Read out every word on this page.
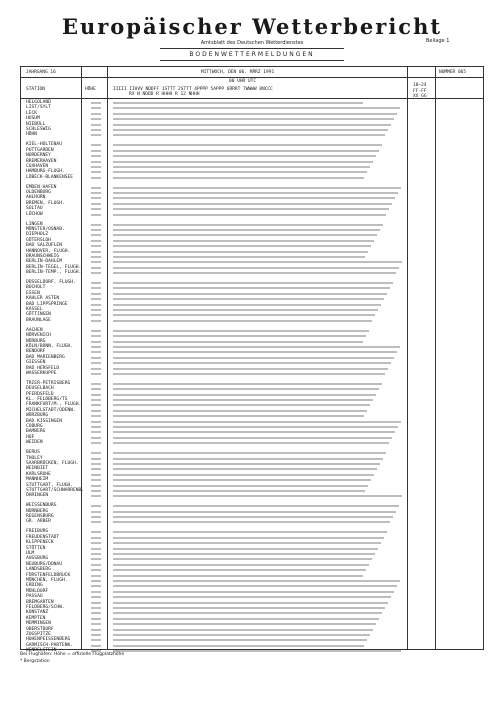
Europäischer Wetterbericht
Amtsblatt des Deutschen Wetterdienstes	Beilage 1
BODENWETTERMELDUNGEN
JAHRGANG 16	MITTWOCH, DEN 06. MÄRZ 1991	NUMMER 065
00 UHR UTC
18–24
STATION	HÖHE	IIIII IIHVV NDDFF 1STTT 2STTT 4PPPP 5APPP 6RRRT 7WWWW 8NCCC
RX N NDDD R HHHH R 12 NHHH
FF-FF
XX GG
HELGOLAND
LIST/SYLT
LECK
HUSUM
NIEBÜLL
SCHLESWIG
HÖHN
KIEL-HOLTENAU
PUTTGARDEN
NORDERNEY
BREMERHAVEN
CUXHAVEN
HAMBURG-FLUGH.
LÜBECK-BLANKENSEE
EMDEN-HAFEN
OLDENBURG
AHLHORN
BREMEN, FLUGH.
SOLTAU
LÜCHOW
LINGEN
MÜNSTER/OSNAB.
DIEPHOLZ
GÜTERSLOH
BAD SALZUFLEN
HANNOVER, FLUGH.
BRAUNSCHWEIG
BERLIN-DAHLEM
BERLIN-TEGEL, FLUGH.
BERLIN-TEMP., FLUGH.
DÜSSELDORF, FLUGH.
BOCHOLT
ESSEN
KAHLER ASTEN
BAD LIPPSPRINGE
KASSEL
GÖTTINGEN
BRAUNLAGE
AACHEN
NÖRVENICH
NÜRBURG
KÖLN/BONN, FLUGH.
BENDORF
BAD MARIENBERG
GIESSEN
BAD HERSFELD
WASSERKUPPE
TRIER-PETRISBERG
DEUSELBACH
PFERDSFELD
KL. FELDBERG/TS
FRANKFURT/M., FLUGH.
MICHELSTADT/ODENW.
WÜRZBURG
BAD KISSINGEN
COBURG
BAMBERG
HOF
WEIDEN
BERUS
THOLEY
SAARBRÜCKEN, FLUGH.
WEINBIET
KARLSRUHE
MANNHEIM
STUTTGART, FLUGH.
STUTTGART/SCHNARRENB.
ÖHRINGEN
WEISSENBURG
NÜRNBERG
REGENSBURG
GR. ARBER
FREIBURG
FREUDENSTADT
KLIPPENECK
STÖTTEN
ULM
AUGSBURG
NEUBURG/DONAU
LANDSBERG
FÜRSTENFELDBRUCK
MÜNCHEN, FLUGH.
ERDING
MÜHLDORF
PASSAU
BREMGARTEN
FELDBERG/SCHW.
KONSTANZ
KEMPTEN
MEMMINGEN
OBERSTDORF
ZUGSPITZE
HOHENPEISSENBERG
GARMISCH-PARTENK.
WENDELSTEIN
Bei Flughäfen: Höhe = offizielle Flugplatzhöhe
* Bergstation
